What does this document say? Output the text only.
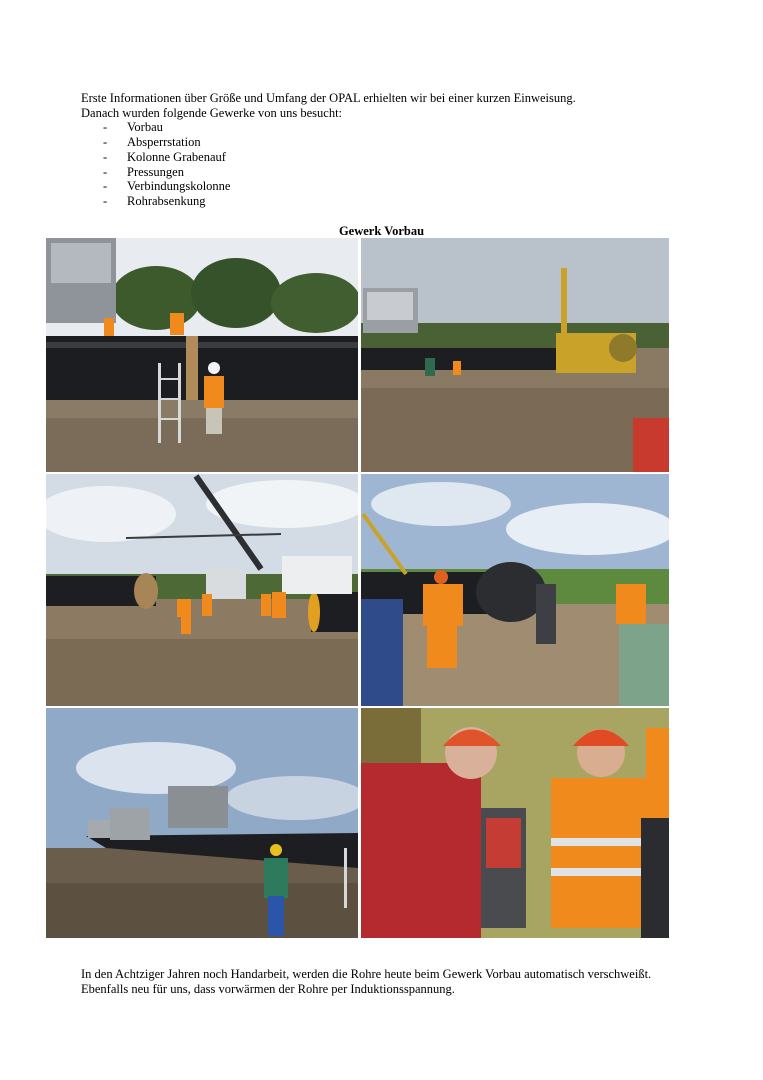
Erste Informationen über Größe und Umfang der OPAL erhielten wir bei einer kurzen Einweisung.

Danach wurden folgende Gewerke von uns besucht:

- Vorbau
- Absperrstation
- Kolonne Grabenauf
- Pressungen
- Verbindungskolonne
- Rohrabsenkung
Gewerk Vorbau

In den Achtziger Jahren noch Handarbeit, werden die Rohre heute beim Gewerk Vorbau automatisch verschweißt.

Ebenfalls neu für uns, dass vorwärmen der Rohre per Induktionsspannung.
